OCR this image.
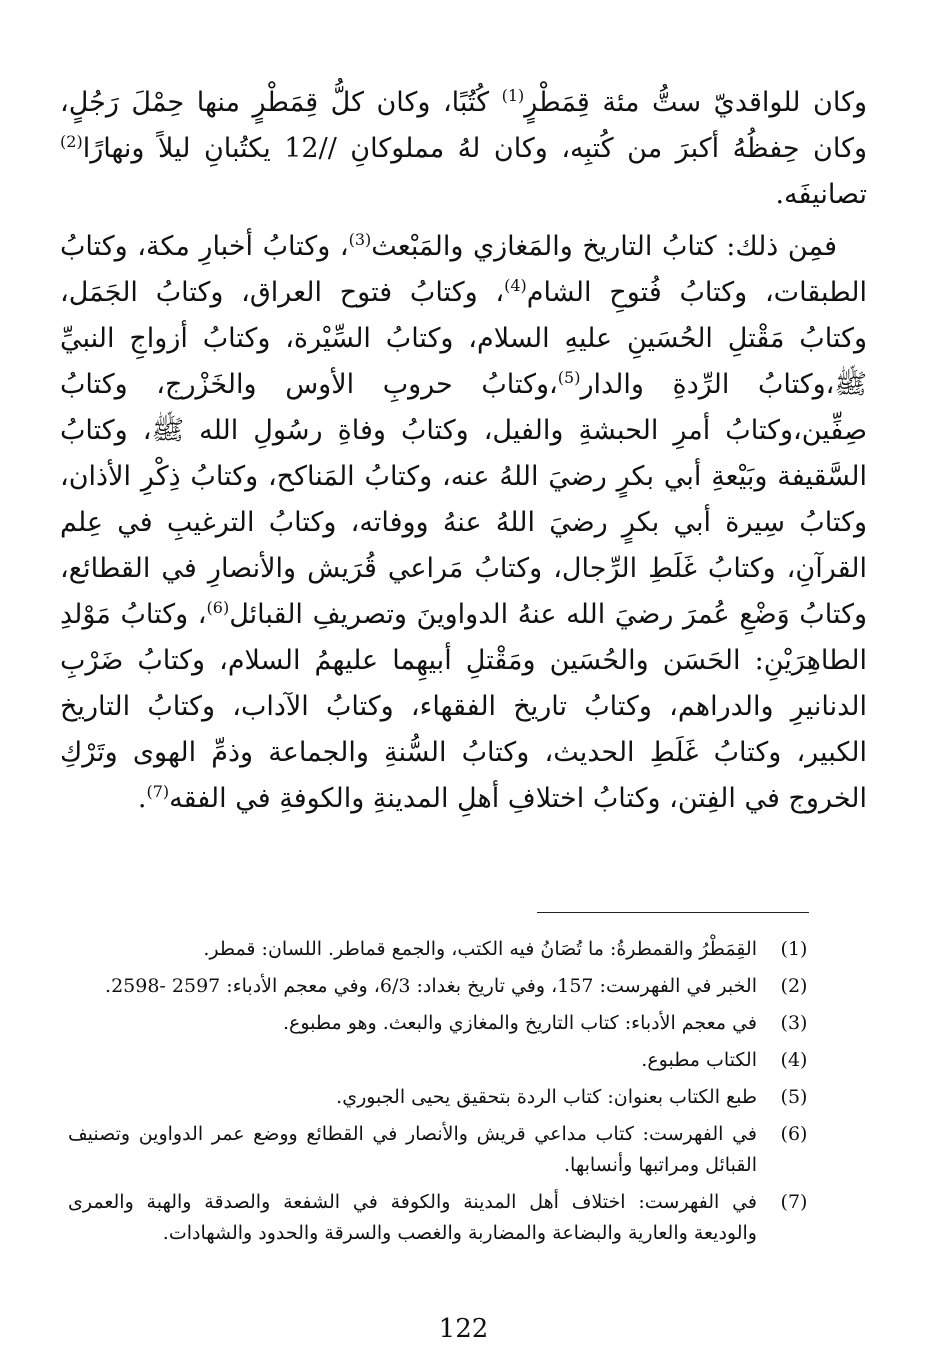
وكان للواقديّ ستُّ مئة قِمَطْرٍ$^{(1)}$ كُتُبًا، وكان كلُّ قِمَطْرٍ منها حِمْلَ رَجُلٍ، وكان حِفظُهُ أكبرَ من كُتبِه، وكان لهُ مملوكانِ //12 يكتُبانِ ليلاً ونهارًا$^{(2)}$ تصانيفَه.

فمِن ذلك: كتابُ التاريخ والمَغازي والمَبْعث$^{(3)}$، وكتابُ أخبارِ مكة، وكتابُ الطبقات، وكتابُ فُتوحِ الشام$^{(4)}$، وكتابُ فتوح العراق، وكتابُ الجَمَل، وكتابُ مَقْتلِ الحُسَينِ عليهِ السلام، وكتابُ السِّيْرة، وكتابُ أزواجِ النبيِّ ﷺ،وكتابُ الرِّدةِ والدار$^{(5)}$،وكتابُ حروبِ الأوس والخَزْرج، وكتابُ صِفِّين،وكتابُ أمرِ الحبشةِ والفيل، وكتابُ وفاةِ رسُولِ الله ﷺ، وكتابُ السَّقيفة وبَيْعةِ أبي بكرٍ رضيَ اللهُ عنه، وكتابُ المَناكح، وكتابُ ذِكْرِ الأذان، وكتابُ سِيرة أبي بكرٍ رضيَ اللهُ عنهُ ووفاته، وكتابُ الترغيبِ في عِلم القرآنِ، وكتابُ غَلَطِ الرِّجال، وكتابُ مَراعي قُرَيش والأنصارِ في القطائع، وكتابُ وَضْعِ عُمرَ رضيَ الله عنهُ الدواوينَ وتصريفِ القبائل$^{(6)}$، وكتابُ مَوْلدِ الطاهِرَيْنِ: الحَسَن والحُسَين ومَقْتلِ أبيهِما عليهمُ السلام، وكتابُ ضَرْبِ الدنانيرِ والدراهم، وكتابُ تاريخ الفقهاء، وكتابُ الآداب، وكتابُ التاريخ الكبير، وكتابُ غَلَطِ الحديث، وكتابُ السُّنةِ والجماعة وذمِّ الهوى وتَرْكِ الخروج في الفِتن، وكتابُ اختلافِ أهلِ المدينةِ والكوفةِ في الفقه$^{(7)}$.

(1)
القِمَطْرُ والقمطرةُ: ما تُصَانُ فيه الكتب، والجمع قماطر. اللسان: قمطر.
(2)
الخبر في الفهرست: 157، وفي تاريخ بغداد: 6/3، وفي معجم الأدباء: 2597 -2598.
(3)
في معجم الأدباء: كتاب التاريخ والمغازي والبعث. وهو مطبوع.
(4)
الكتاب مطبوع.
(5)
طبع الكتاب بعنوان: كتاب الردة بتحقيق يحيى الجبوري.
(6)
في الفهرست: كتاب مداعي قريش والأنصار في القطائع ووضع عمر الدواوين وتصنيف القبائل ومراتبها وأنسابها.
(7)
في الفهرست: اختلاف أهل المدينة والكوفة في الشفعة والصدقة والهبة والعمرى والوديعة والعارية والبضاعة والمضاربة والغصب والسرقة والحدود والشهادات.
122
